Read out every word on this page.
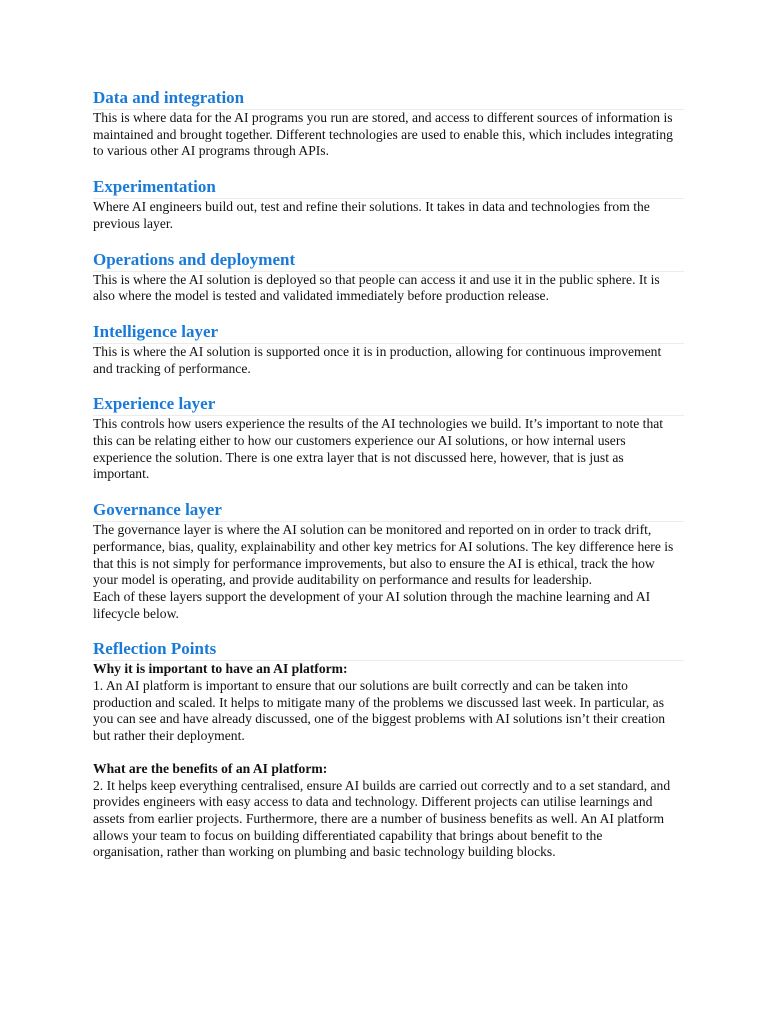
Data and integration

This is where data for the AI programs you run are stored, and access to different sources of information is maintained and brought together. Different technologies are used to enable this, which includes integrating to various other AI programs through APIs.

Experimentation

Where AI engineers build out, test and refine their solutions. It takes in data and technologies from the previous layer.

Operations and deployment

This is where the AI solution is deployed so that people can access it and use it in the public sphere. It is also where the model is tested and validated immediately before production release.

Intelligence layer

This is where the AI solution is supported once it is in production, allowing for continuous improvement and tracking of performance.

Experience layer

This controls how users experience the results of the AI technologies we build. It’s important to note that this can be relating either to how our customers experience our AI solutions, or how internal users experience the solution. There is one extra layer that is not discussed here, however, that is just as important.

Governance layer

The governance layer is where the AI solution can be monitored and reported on in order to track drift, performance, bias, quality, explainability and other key metrics for AI solutions. The key difference here is that this is not simply for performance improvements, but also to ensure the AI is ethical, track the how your model is operating, and provide auditability on performance and results for leadership.

Each of these layers support the development of your AI solution through the machine learning and AI lifecycle below.

Reflection Points

Why it is important to have an AI platform:

1. An AI platform is important to ensure that our solutions are built correctly and can be taken into production and scaled. It helps to mitigate many of the problems we discussed last week. In particular, as you can see and have already discussed, one of the biggest problems with AI solutions isn’t their creation but rather their deployment.

What are the benefits of an AI platform:

2. It helps keep everything centralised, ensure AI builds are carried out correctly and to a set standard, and provides engineers with easy access to data and technology. Different projects can utilise learnings and assets from earlier projects. Furthermore, there are a number of business benefits as well. An AI platform allows your team to focus on building differentiated capability that brings about benefit to the organisation, rather than working on plumbing and basic technology building blocks.
